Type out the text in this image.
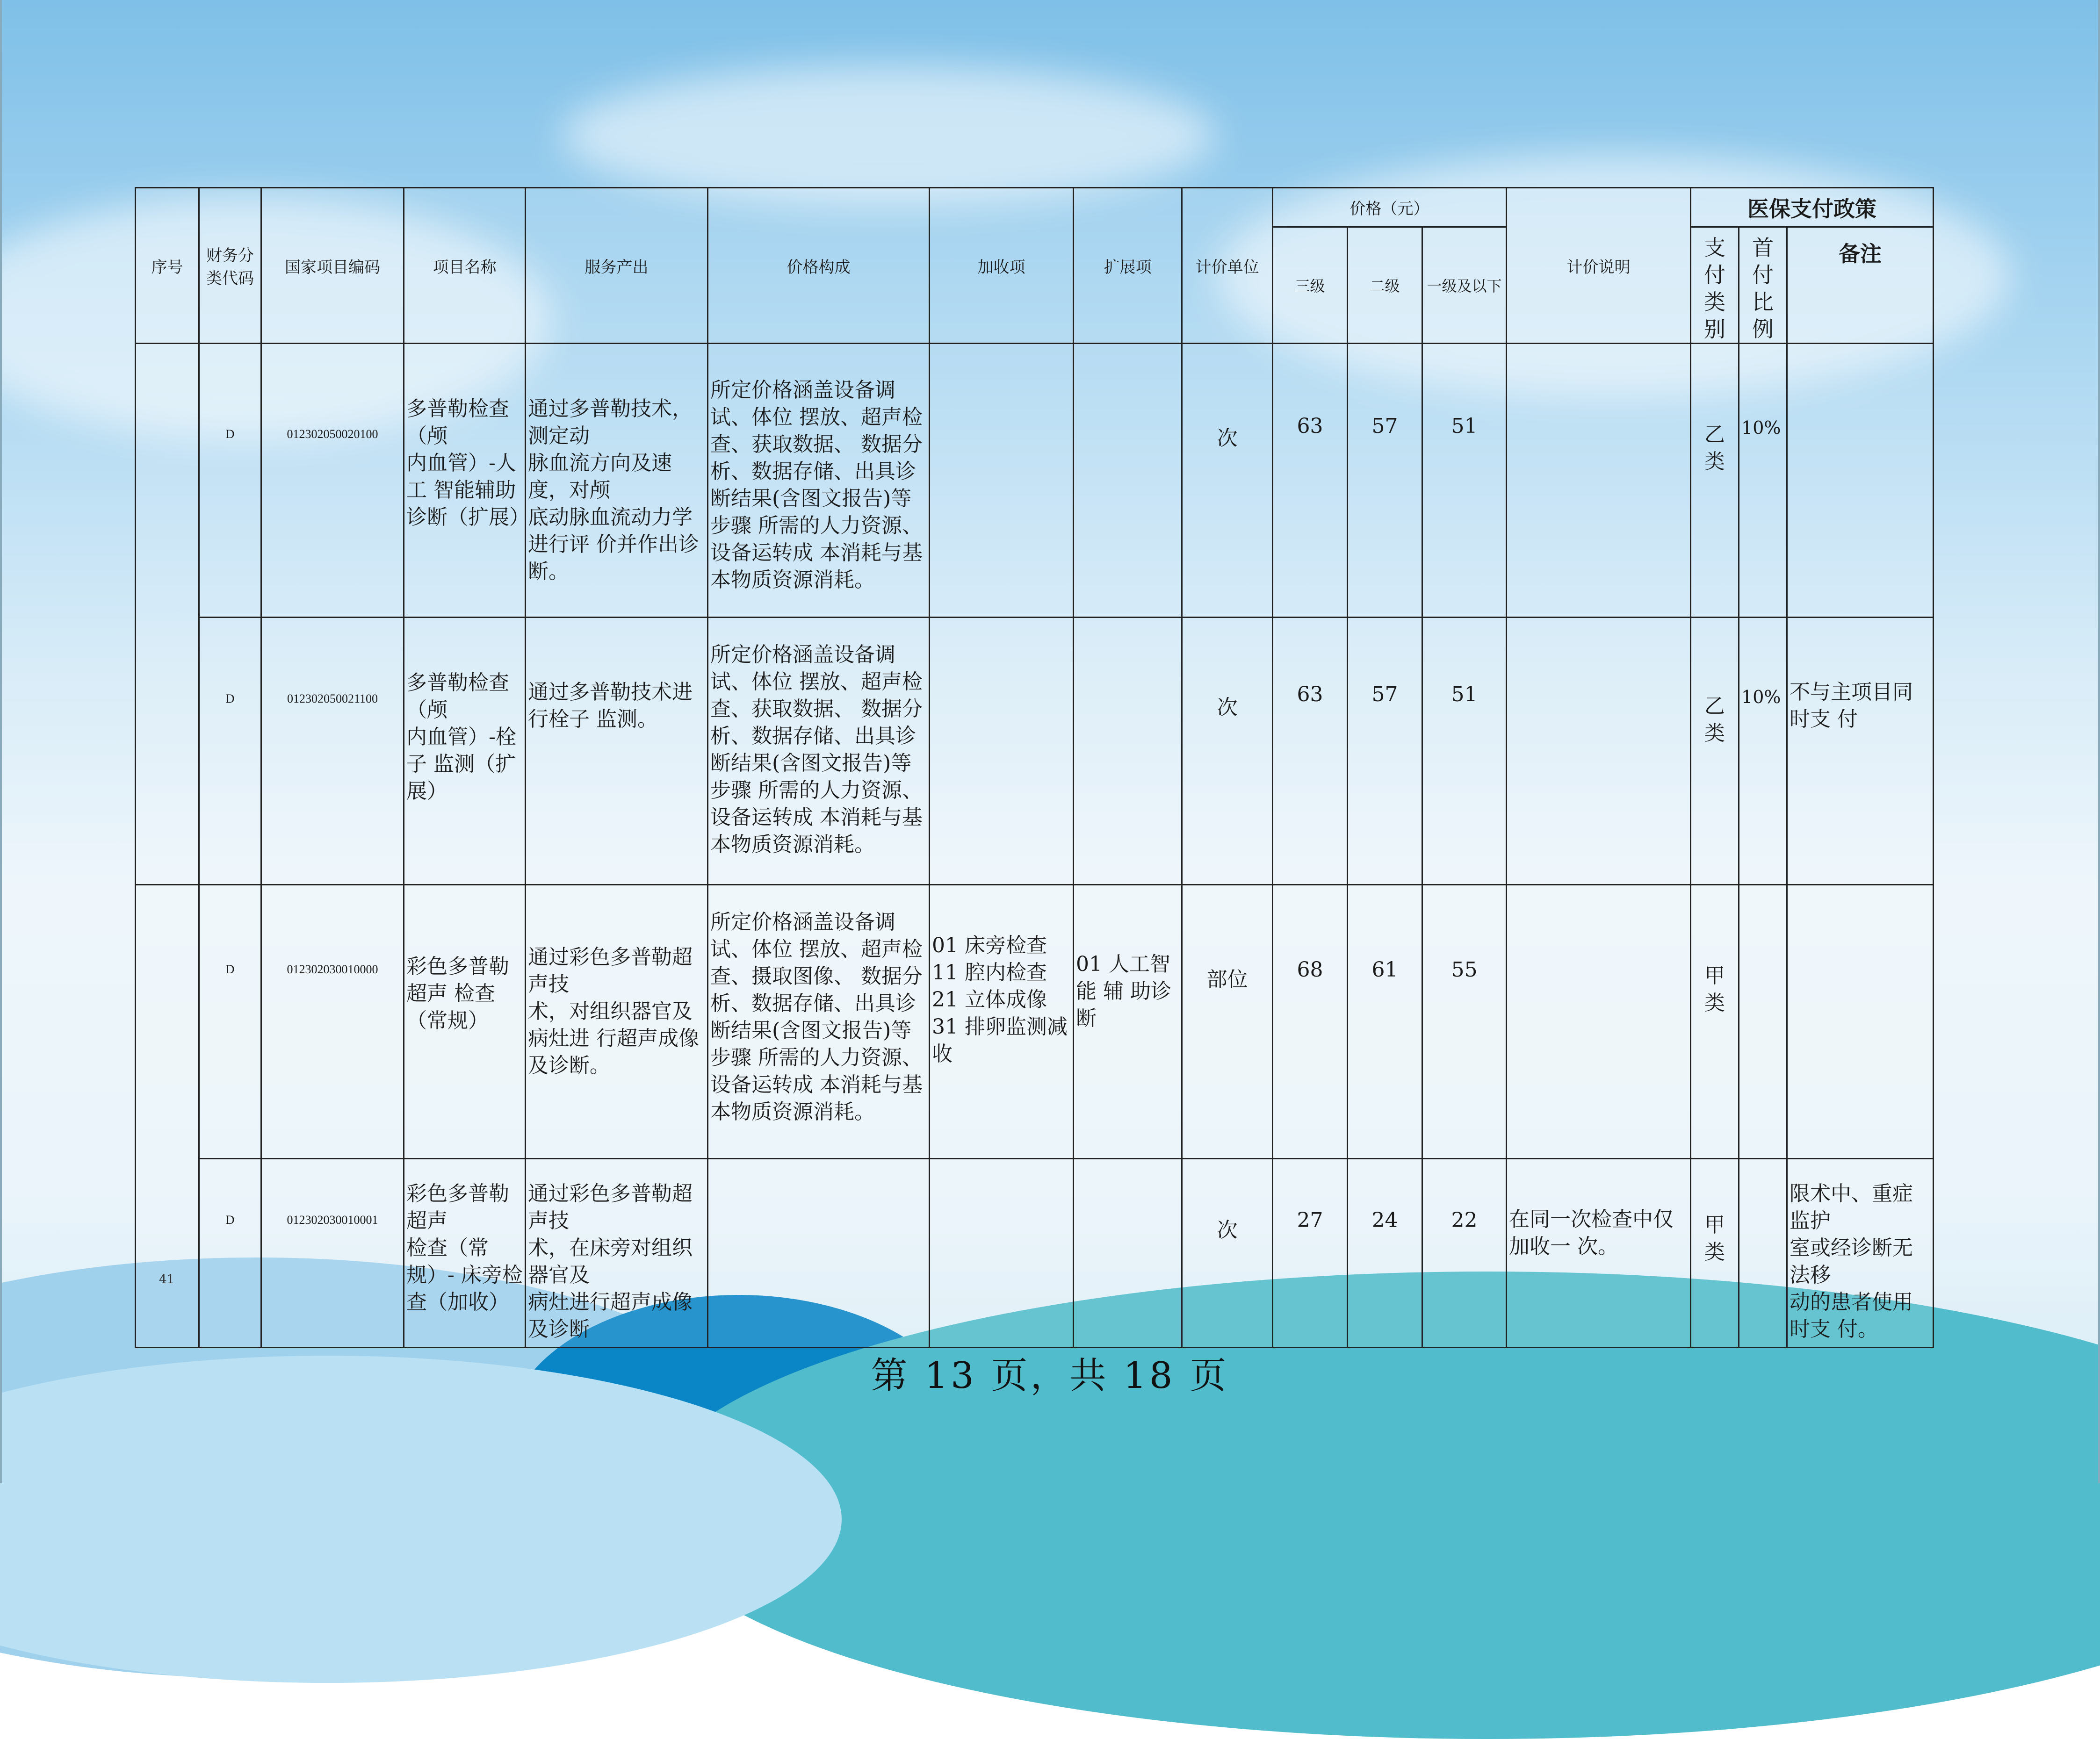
序号	财务分类代码	国家项目编码	项目名称	服务产出	价格构成	加收项	扩展项	计价单位	价格（元）			计价说明	医保支付政策		
									三级	二级	一级及以下		支付类别	首付比例	备注
	D	012302050020100	多普勒检查（颅
内血管）-人工 智能辅助诊断（扩展）	通过多普勒技术，测定动
脉血流方向及速度，对颅
底动脉血流动力学进行评 价并作出诊断。	所定价格涵盖设备调试、体位 摆放、超声检查、获取数据、 数据分析、数据存储、出具诊 断结果(含图文报告)等步骤 所需的人力资源、设备运转成 本消耗与基本物质资源消耗。			次	63	57	51		乙类	10%	
	D	012302050021100	多普勒检查（颅
内血管）-栓子 监测（扩展）	通过多普勒技术进行栓子 监测。	所定价格涵盖设备调试、体位 摆放、超声检查、获取数据、 数据分析、数据存储、出具诊 断结果(含图文报告)等步骤 所需的人力资源、设备运转成 本消耗与基本物质资源消耗。			次	63	57	51		乙类	10%	不与主项目同时支 付
	D	012302030010000	彩色多普勒超声 检查（常规）	通过彩色多普勒超声技
术，对组织器官及病灶进 行超声成像及诊断。	所定价格涵盖设备调试、体位 摆放、超声检查、摄取图像、 数据分析、数据存储、出具诊 断结果(含图文报告)等步骤 所需的人力资源、设备运转成 本消耗与基本物质资源消耗。	01 床旁检查
11 腔内检查
21 立体成像
31 排卵监测减收	01 人工智能 辅 助诊断	部位	68	61	55		甲类		
	D	012302030010001	彩色多普勒超声
检查（常规）- 床旁检查（加收）	通过彩色多普勒超声技
术，在床旁对组织器官及
病灶进行超声成像及诊断				次	27	24	22	在同一次检查中仅加收一 次。	甲类		限术中、重症监护
室或经诊断无法移
动的患者使用时支 付。
41
第 13 页，共 18 页
